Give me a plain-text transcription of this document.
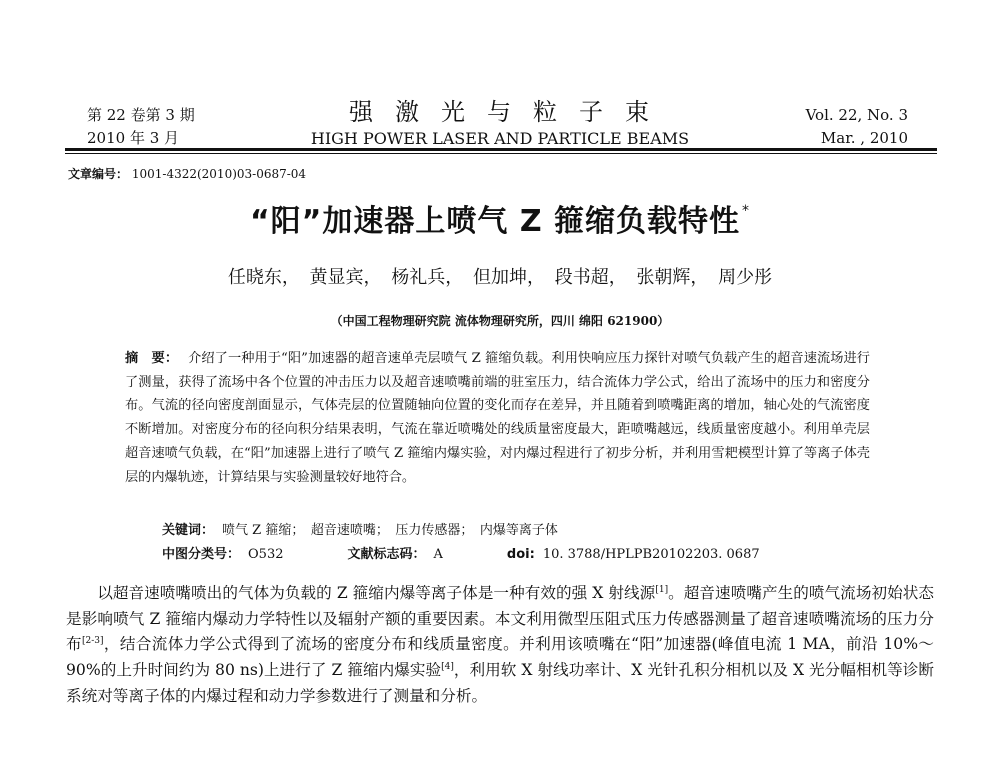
第 22 卷第 3 期
2010 年 3 月
强激光与粒子束
HIGH POWER LASER AND PARTICLE BEAMS
Vol. 22, No. 3
Mar. , 2010
文章编号： 1001-4322(2010)03-0687-04
“阳”加速器上喷气 Z 箍缩负载特性 *
任晓东， 黄显宾， 杨礼兵， 但加坤， 段书超， 张朝辉， 周少彤
（中国工程物理研究院 流体物理研究所，四川 绵阳 621900）
摘　要： 介绍了一种用于“阳”加速器的超音速单壳层喷气 Z 箍缩负载。利用快响应压力探针对喷气负载产生的超音速流场进行了测量，获得了流场中各个位置的冲击压力以及超音速喷嘴前端的驻室压力，结合流体力学公式，给出了流场中的压力和密度分布。气流的径向密度剖面显示，气体壳层的位置随轴向位置的变化而存在差异，并且随着到喷嘴距离的增加，轴心处的气流密度不断增加。对密度分布的径向积分结果表明，气流在靠近喷嘴处的线质量密度最大，距喷嘴越远，线质量密度越小。利用单壳层超音速喷气负载，在“阳”加速器上进行了喷气 Z 箍缩内爆实验，对内爆过程进行了初步分析，并利用雪耙模型计算了等离子体壳层的内爆轨迹，计算结果与实验测量较好地符合。
关键词： 喷气 Z 箍缩；　超音速喷嘴；　压力传感器；　内爆等离子体
中图分类号： O532	文献标志码： A	doi: 10. 3788/HPLPB20102203. 0687

以超音速喷嘴喷出的气体为负载的 Z 箍缩内爆等离子体是一种有效的强 X 射线源[1]。超音速喷嘴产生的喷气流场初始状态是影响喷气 Z 箍缩内爆动力学特性以及辐射产额的重要因素。本文利用微型压阻式压力传感器测量了超音速喷嘴流场的压力分布[2-3]，结合流体力学公式得到了流场的密度分布和线质量密度。并利用该喷嘴在“阳”加速器(峰值电流 1 MA，前沿 10%～90%的上升时间约为 80 ns)上进行了 Z 箍缩内爆实验[4]，利用软 X 射线功率计、X 光针孔积分相机以及 X 光分幅相机等诊断系统对等离子体的内爆过程和动力学参数进行了测量和分析。
